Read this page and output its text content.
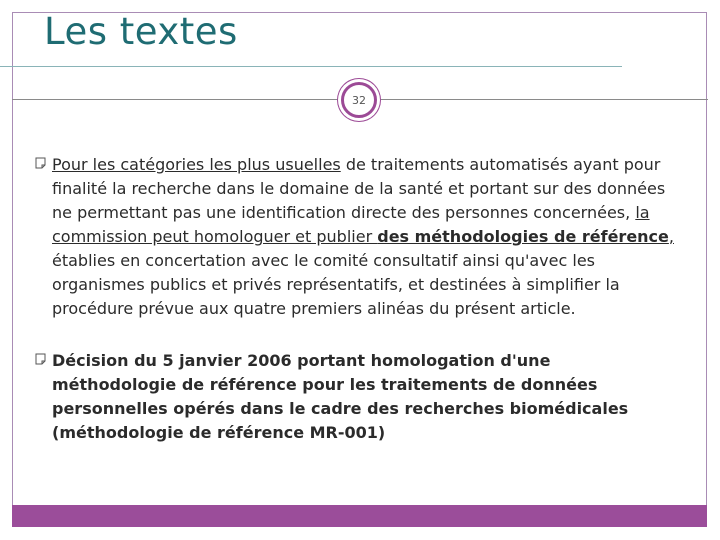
Les textes
32

Pour les catégories les plus usuelles de traitements automatisés ayant pour finalité la recherche dans le domaine de la santé et portant sur des données ne permettant pas une identification directe des personnes concernées, la commission peut homologuer et publier des méthodologies de référence, établies en concertation avec le comité consultatif ainsi qu'avec les organismes publics et privés représentatifs, et destinées à simplifier la procédure prévue aux quatre premiers alinéas du présent article.

Décision du 5 janvier 2006 portant homologation d'une méthodologie de référence pour les traitements de données personnelles opérés dans le cadre des recherches biomédicales (méthodologie de référence MR-001)
